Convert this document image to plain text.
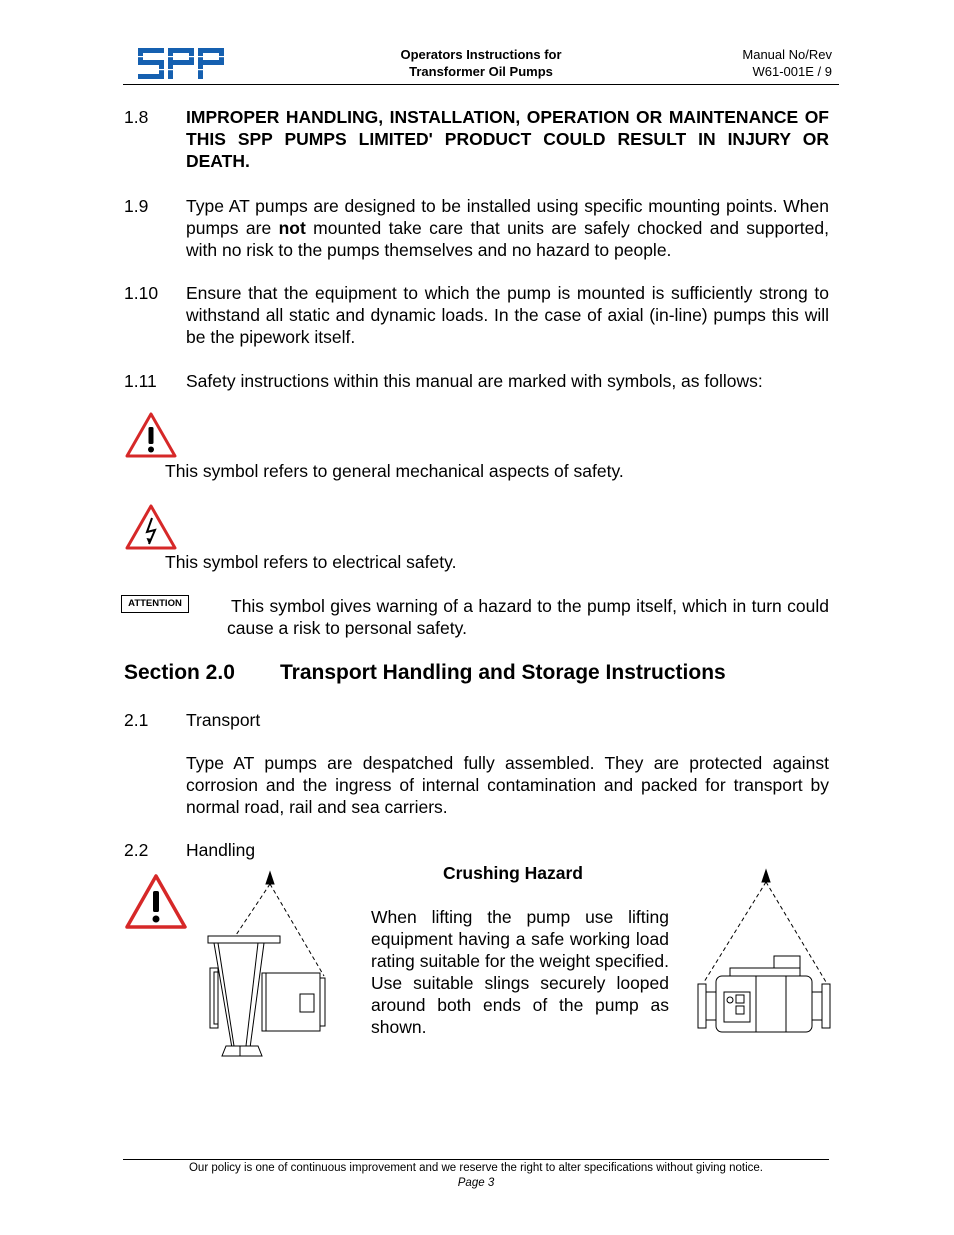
Operators Instructions for
Transformer Oil Pumps
Manual No/Rev
W61-001E / 9
1.8 IMPROPER HANDLING, INSTALLATION, OPERATION OR MAINTENANCE OF THIS SPP PUMPS LIMITED' PRODUCT COULD RESULT IN INJURY OR DEATH.
1.9 Type AT pumps are designed to be installed using specific mounting points. When pumps are not mounted take care that units are safely chocked and supported, with no risk to the pumps themselves and no hazard to people.
1.10 Ensure that the equipment to which the pump is mounted is sufficiently strong to withstand all static and dynamic loads. In the case of axial (in-line) pumps this will be the pipework itself.
1.11 Safety instructions within this manual are marked with symbols, as follows:
This symbol refers to general mechanical aspects of safety.
This symbol refers to electrical safety.
ATTENTION	This symbol gives warning of a hazard to the pump itself, which in turn could cause a risk to personal safety.
Section 2.0 Transport Handling and Storage Instructions
2.1 Transport
Type AT pumps are despatched fully assembled. They are protected against corrosion and the ingress of internal contamination and packed for transport by normal road, rail and sea carriers.
2.2 Handling
Crushing Hazard
When lifting the pump use lifting equipment having a safe working load rating suitable for the weight specified. Use suitable slings securely looped around both ends of the pump as shown.
Our policy is one of continuous improvement and we reserve the right to alter specifications without giving notice.
Page 3
